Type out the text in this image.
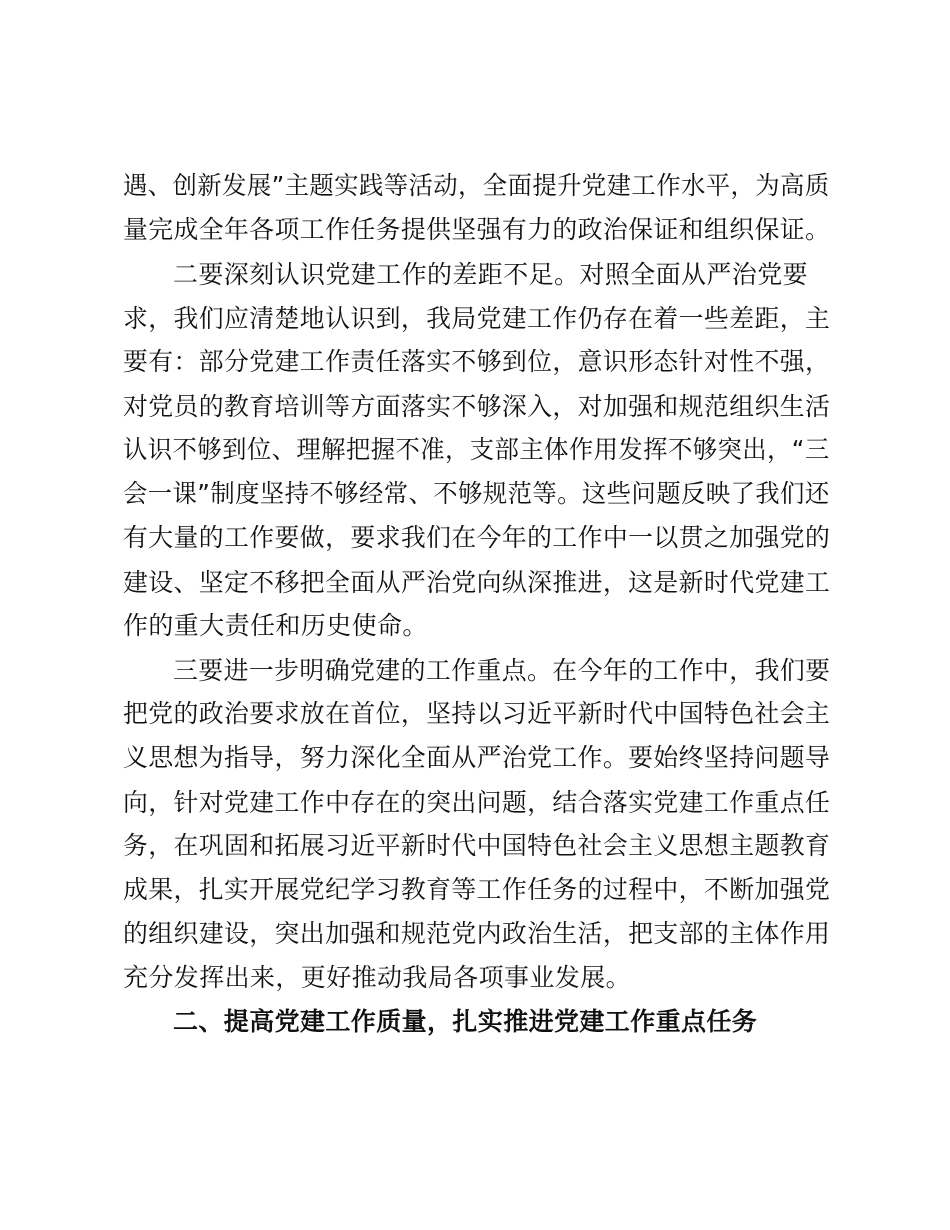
遇、创新发展”主题实践等活动，全面提升党建工作水平，为高质
量完成全年各项工作任务提供坚强有力的政治保证和组织保证。
二要深刻认识党建工作的差距不足。对照全面从严治党要
求，我们应清楚地认识到，我局党建工作仍存在着一些差距，主
要有：部分党建工作责任落实不够到位，意识形态针对性不强，
对党员的教育培训等方面落实不够深入，对加强和规范组织生活
认识不够到位、理解把握不准，支部主体作用发挥不够突出，“三
会一课”制度坚持不够经常、不够规范等。这些问题反映了我们还
有大量的工作要做，要求我们在今年的工作中一以贯之加强党的
建设、坚定不移把全面从严治党向纵深推进，这是新时代党建工
作的重大责任和历史使命。
三要进一步明确党建的工作重点。在今年的工作中，我们要
把党的政治要求放在首位，坚持以习近平新时代中国特色社会主
义思想为指导，努力深化全面从严治党工作。要始终坚持问题导
向，针对党建工作中存在的突出问题，结合落实党建工作重点任
务，在巩固和拓展习近平新时代中国特色社会主义思想主题教育
成果，扎实开展党纪学习教育等工作任务的过程中，不断加强党
的组织建设，突出加强和规范党内政治生活，把支部的主体作用
充分发挥出来，更好推动我局各项事业发展。
二、提高党建工作质量，扎实推进党建工作重点任务
